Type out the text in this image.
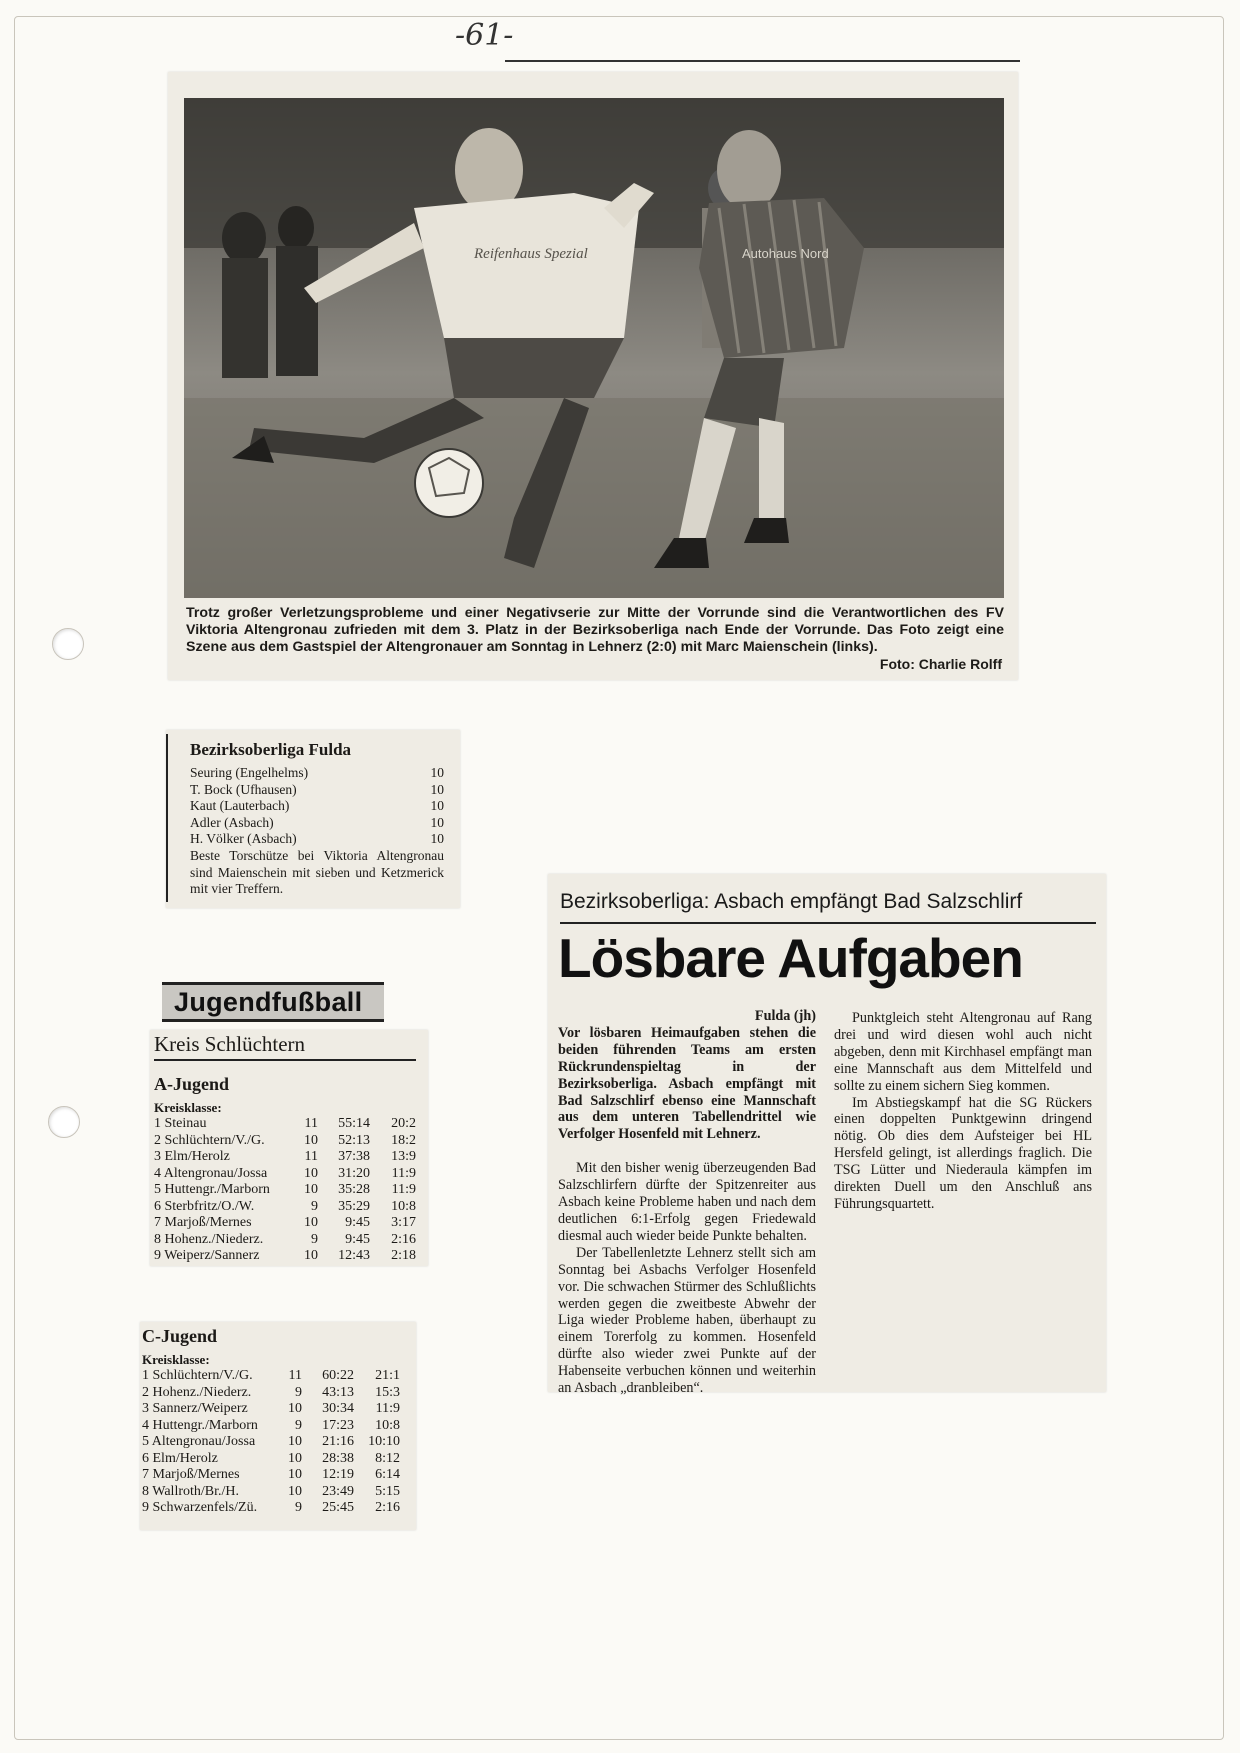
-61-
Reifenhaus Spezial	Autohaus Nord
Trotz großer Verletzungsprobleme und einer Negativserie zur Mitte der Vorrunde sind die Verantwortlichen des FV Viktoria Altengronau zufrieden mit dem 3. Platz in der Bezirksoberliga nach Ende der Vorrunde. Das Foto zeigt eine Szene aus dem Gastspiel der Altengronauer am Sonntag in Lehnerz (2:0) mit Marc Maienschein (links).
Foto: Charlie Rolff
Bezirksoberliga Fulda
Seuring (Engelhelms)	10
T. Bock (Ufhausen)	10
Kaut (Lauterbach)	10
Adler (Asbach)	10
H. Völker (Asbach)	10
Beste Torschütze bei Viktoria Altengronau sind Maienschein mit sieben und Ketzmerick mit vier Treffern.
Jugendfußball
Kreis Schlüchtern
A-Jugend
Kreisklasse:
1 Steinau	11	55:14	20:2
2 Schlüchtern/V./G.	10	52:13	18:2
3 Elm/Herolz	11	37:38	13:9
4 Altengronau/Jossa	10	31:20	11:9
5 Huttengr./Marborn	10	35:28	11:9
6 Sterbfritz/O./W.	9	35:29	10:8
7 Marjoß/Mernes	10	9:45	3:17
8 Hohenz./Niederz.	9	9:45	2:16
9 Weiperz/Sannerz	10	12:43	2:18
C-Jugend
Kreisklasse:
1 Schlüchtern/V./G.	11	60:22	21:1
2 Hohenz./Niederz.	9	43:13	15:3
3 Sannerz/Weiperz	10	30:34	11:9
4 Huttengr./Marborn	9	17:23	10:8
5 Altengronau/Jossa	10	21:16	10:10
6 Elm/Herolz	10	28:38	8:12
7 Marjoß/Mernes	10	12:19	6:14
8 Wallroth/Br./H.	10	23:49	5:15
9 Schwarzenfels/Zü.	9	25:45	2:16
Bezirksoberliga: Asbach empfängt Bad Salzschlirf
Lösbare Aufgaben

Fulda (jh)

Vor lösbaren Heimaufgaben stehen die beiden führenden Teams am ersten Rückrundenspieltag in der Bezirksoberliga. Asbach empfängt mit Bad Salzschlirf ebenso eine Mannschaft aus dem unteren Tabellendrittel wie Verfolger Hosenfeld mit Lehnerz.

Mit den bisher wenig überzeugenden Bad Salzschlirfern dürfte der Spitzenreiter aus Asbach keine Probleme haben und nach dem deutlichen 6:1-Erfolg gegen Friedewald diesmal auch wieder beide Punkte behalten.

Der Tabellenletzte Lehnerz stellt sich am Sonntag bei Asbachs Verfolger Hosenfeld vor. Die schwachen Stürmer des Schlußlichts werden gegen die zweitbeste Abwehr der Liga wieder Probleme haben, überhaupt zu einem Torerfolg zu kommen. Hosenfeld dürfte also wieder zwei Punkte auf der Habenseite verbuchen können und weiterhin an Asbach „dranbleiben“.

Punktgleich steht Altengronau auf Rang drei und wird diesen wohl auch nicht abgeben, denn mit Kirchhasel empfängt man eine Mannschaft aus dem Mittelfeld und sollte zu einem sichern Sieg kommen.

Im Abstiegskampf hat die SG Rückers einen doppelten Punktgewinn dringend nötig. Ob dies dem Aufsteiger bei HL Hersfeld gelingt, ist allerdings fraglich. Die TSG Lütter und Niederaula kämpfen im direkten Duell um den Anschluß ans Führungsquartett.
